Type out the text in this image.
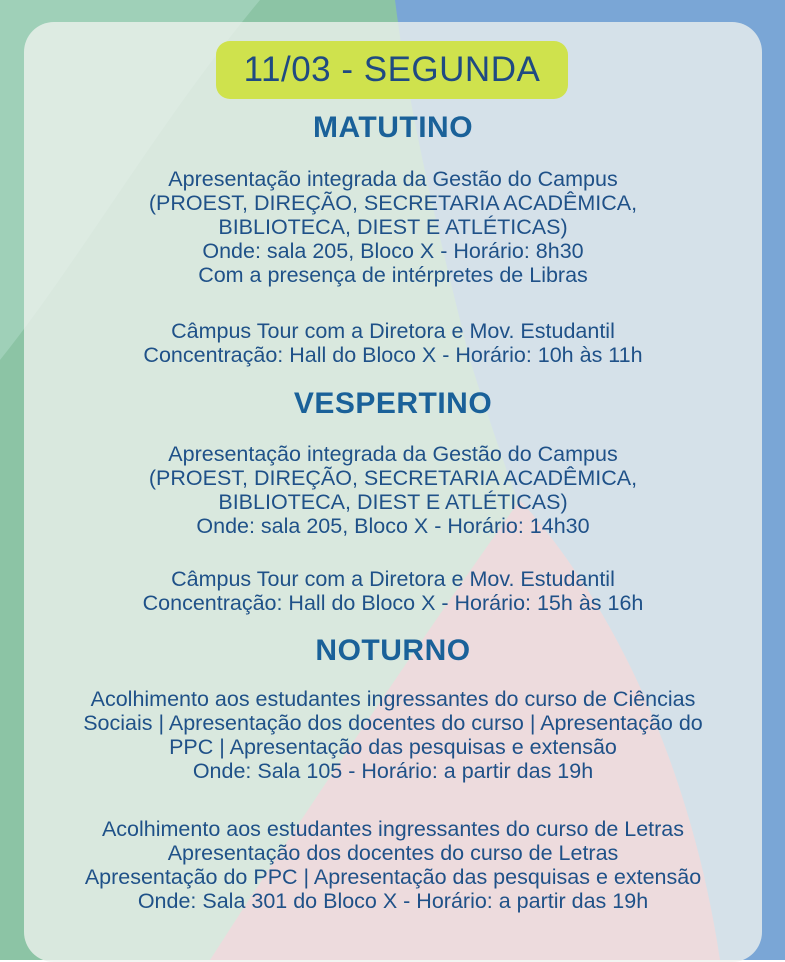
11/03 - SEGUNDA
MATUTINO
Apresentação integrada da Gestão do Campus
(PROEST, DIREÇÃO, SECRETARIA ACADÊMICA,
BIBLIOTECA, DIEST E ATLÉTICAS)
Onde: sala 205, Bloco X - Horário: 8h30
Com a presença de intérpretes de Libras
Câmpus Tour com a Diretora e Mov. Estudantil
Concentração: Hall do Bloco X - Horário: 10h às 11h
VESPERTINO
Apresentação integrada da Gestão do Campus
(PROEST, DIREÇÃO, SECRETARIA ACADÊMICA,
BIBLIOTECA, DIEST E ATLÉTICAS)
Onde: sala 205, Bloco X - Horário: 14h30
Câmpus Tour com a Diretora e Mov. Estudantil
Concentração: Hall do Bloco X - Horário: 15h às 16h
NOTURNO
Acolhimento aos estudantes ingressantes do curso de Ciências
Sociais | Apresentação dos docentes do curso | Apresentação do
PPC | Apresentação das pesquisas e extensão
Onde: Sala 105 - Horário: a partir das 19h
Acolhimento aos estudantes ingressantes do curso de Letras
Apresentação dos docentes do curso de Letras
Apresentação do PPC | Apresentação das pesquisas e extensão
Onde: Sala 301 do Bloco X - Horário: a partir das 19h
